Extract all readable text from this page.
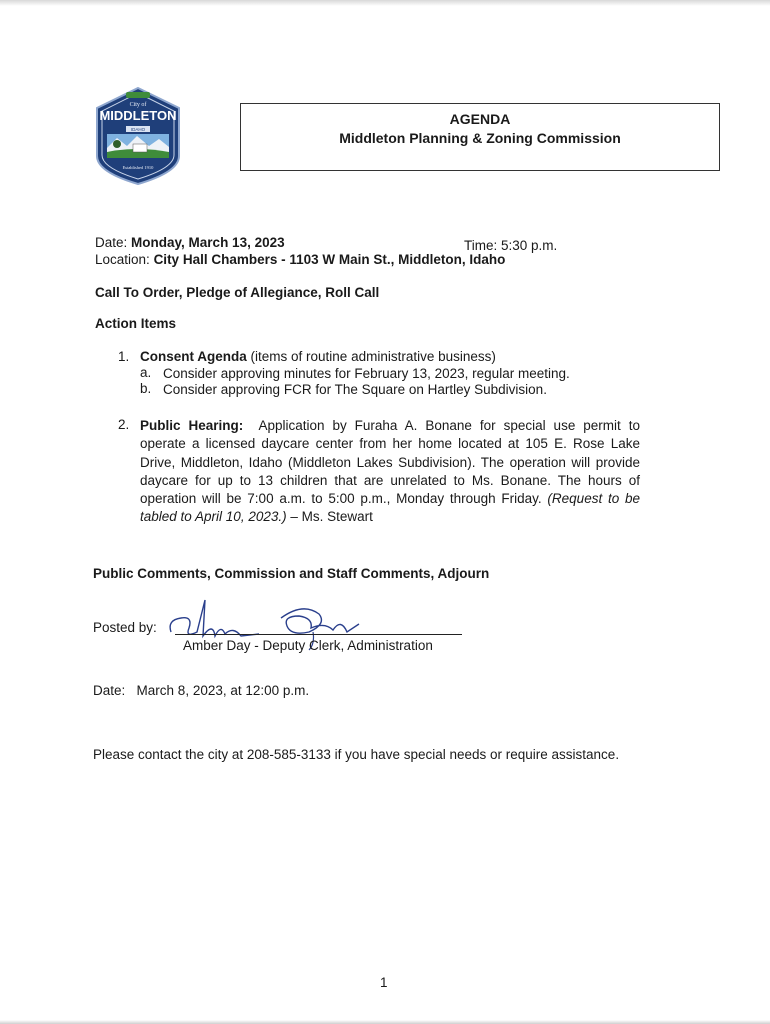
City of
MIDDLETON
IDAHO
Established 1910
AGENDA
Middleton Planning & Zoning Commission
Date: Monday, March 13, 2023	Time: 5:30 p.m.
Location: City Hall Chambers - 1103 W Main St., Middleton, Idaho
Call To Order, Pledge of Allegiance, Roll Call
Action Items
1. Consent Agenda (items of routine administrative business)
a. Consider approving minutes for February 13, 2023, regular meeting.
b. Consider approving FCR for The Square on Hartley Subdivision.
2. Public Hearing: Application by Furaha A. Bonane for special use permit to operate a licensed daycare center from her home located at 105 E. Rose Lake Drive, Middleton, Idaho (Middleton Lakes Subdivision). The operation will provide daycare for up to 13 children that are unrelated to Ms. Bonane. The hours of operation will be 7:00 a.m. to 5:00 p.m., Monday through Friday. (Request to be tabled to April 10, 2023.) – Ms. Stewart
Public Comments, Commission and Staff Comments, Adjourn
Posted by:
Amber Day - Deputy Clerk, Administration
Date: March 8, 2023, at 12:00 p.m.
Please contact the city at 208-585-3133 if you have special needs or require assistance.
1
